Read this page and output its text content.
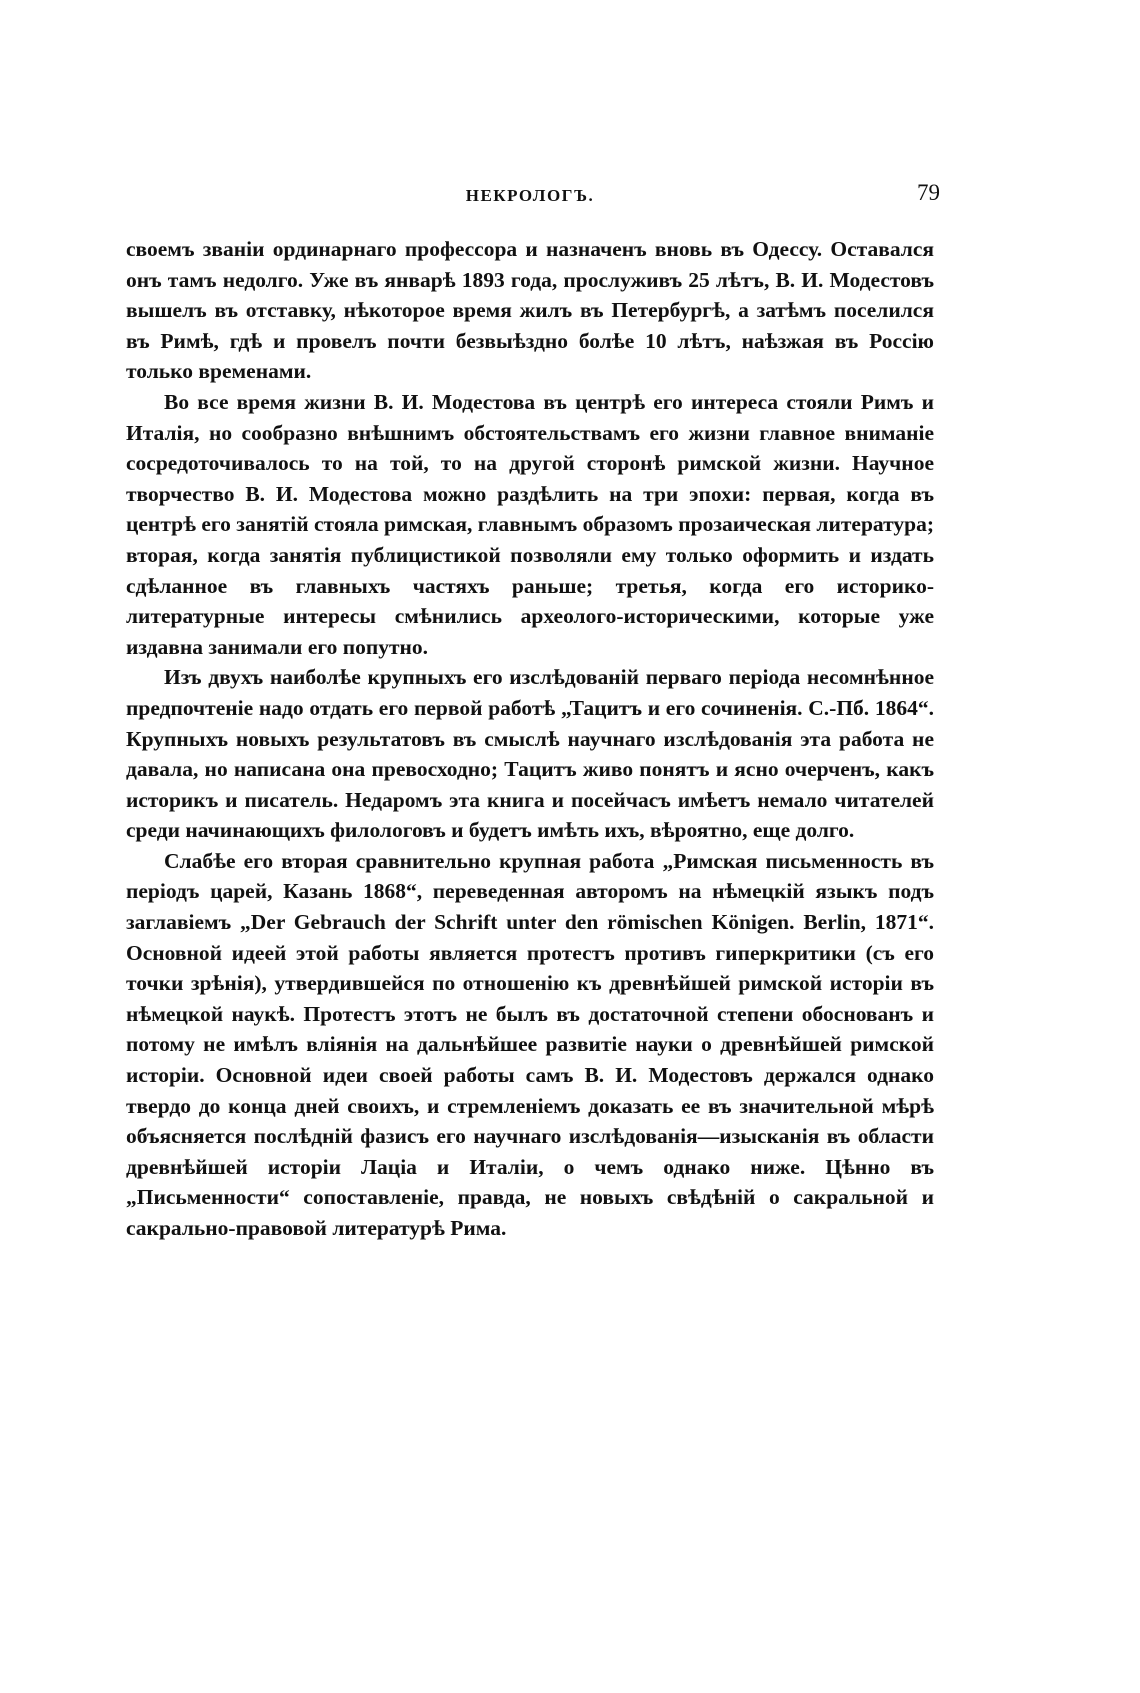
НЕКРОЛОГЪ.	79

своемъ званіи ординарнаго профессора и назначенъ вновь въ Одессу. Оставался онъ тамъ недолго. Уже въ январѣ 1893 года, прослуживъ 25 лѣтъ, В. И. Модестовъ вышелъ въ отставку, нѣкоторое время жилъ въ Петербургѣ, а затѣмъ поселился въ Римѣ, гдѣ и провелъ почти безвыѣздно болѣе 10 лѣтъ, наѣзжая въ Россію только временами.

Во все время жизни В. И. Модестова въ центрѣ его интереса стояли Римъ и Италія, но сообразно внѣшнимъ обстоятельствамъ его жизни главное вниманіе сосредоточивалось то на той, то на другой сторонѣ римской жизни. Научное творчество В. И. Модестова можно раздѣлить на три эпохи: первая, когда въ центрѣ его занятій стояла римская, главнымъ образомъ прозаическая литература; вторая, когда занятія публицистикой позволяли ему только оформить и издать сдѣланное въ главныхъ частяхъ раньше; третья, когда его историко-литературные интересы смѣнились археолого-историческими, которые уже издавна занимали его попутно.

Изъ двухъ наиболѣе крупныхъ его изслѣдованій перваго періода несомнѣнное предпочтеніе надо отдать его первой работѣ „Тацитъ и его сочиненія. С.-Пб. 1864“. Крупныхъ новыхъ результатовъ въ смыслѣ научнаго изслѣдованія эта работа не давала, но написана она превосходно; Тацитъ живо понятъ и ясно очерченъ, какъ историкъ и писатель. Недаромъ эта книга и посейчасъ имѣетъ немало читателей среди начинающихъ филологовъ и будетъ имѣть ихъ, вѣроятно, еще долго.

Слабѣе его вторая сравнительно крупная работа „Римская письменность въ періодъ царей, Казань 1868“, переведенная авторомъ на нѣмецкій языкъ подъ заглавіемъ „Der Gebrauch der Schrift unter den römischen Königen. Berlin, 1871“. Основной идеей этой работы является протестъ противъ гиперкритики (съ его точки зрѣнія), утвердившейся по отношенію къ древнѣйшей римской исторіи въ нѣмецкой наукѣ. Протестъ этотъ не былъ въ достаточной степени обоснованъ и потому не имѣлъ вліянія на дальнѣйшее развитіе науки о древнѣйшей римской исторіи. Основной идеи своей работы самъ В. И. Модестовъ держался однако твердо до конца дней своихъ, и стремленіемъ доказать ее въ значительной мѣрѣ объясняется послѣдній фазисъ его научнаго изслѣдованія—изысканія въ области древнѣйшей исторіи Лаціа и Италіи, о чемъ однако ниже. Цѣнно въ „Письменности“ сопоставленіе, правда, не новыхъ свѣдѣній о сакральной и сакрально-правовой литературѣ Рима.
